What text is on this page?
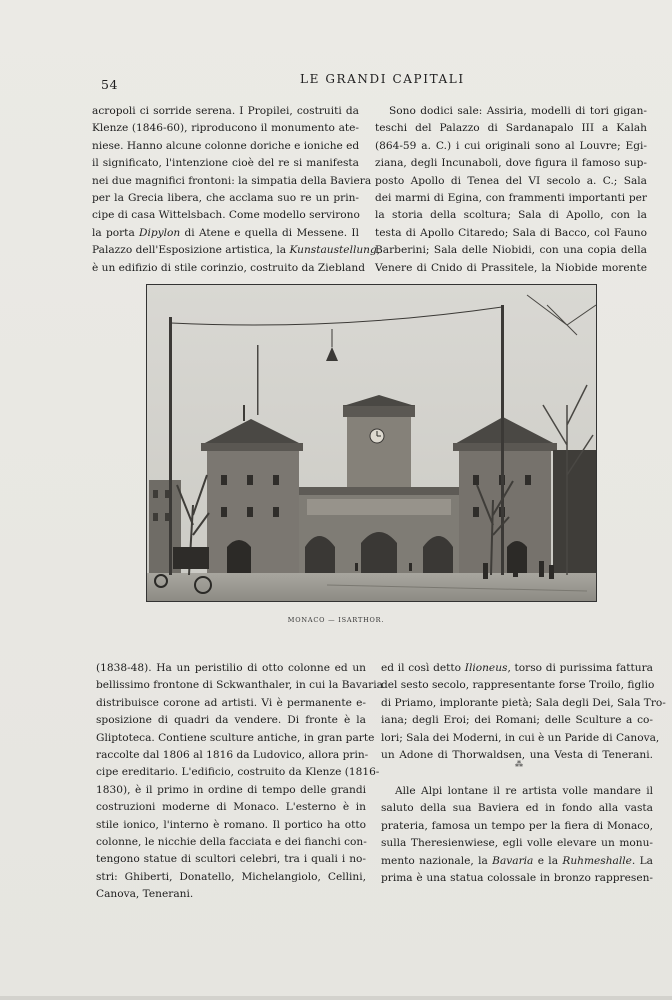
54	LE GRANDI CAPITALI
acropoli ci sorride serena. I Propilei, costruiti da
Klenze (1846-60), riproducono il monumento ate-
niese. Hanno alcune colonne doriche e ioniche ed
il significato, l'intenzione cioè del re si manifesta
nei due magnifici frontoni: la simpatia della Baviera
per la Grecia libera, che acclama suo re un prin-
cipe di casa Wittelsbach. Come modello servirono
la porta Dipylon di Atene e quella di Messene. Il
Palazzo dell'Esposizione artistica, la Kunstaustellung,
è un edifizio di stile corinzio, costruito da Ziebland
Sono dodici sale: Assiria, modelli di tori gigan-
teschi del Palazzo di Sardanapalo III a Kalah
(864-59 a. C.) i cui originali sono al Louvre; Egi-
ziana, degli Incunaboli, dove figura il famoso sup-
posto Apollo di Tenea del VI secolo a. C.; Sala
dei marmi di Egina, con frammenti importanti per
la storia della scoltura; Sala di Apollo, con la
testa di Apollo Citaredo; Sala di Bacco, col Fauno
Barberini; Sala delle Niobidi, con una copia della
Venere di Cnido di Prassitele, la Niobide morente
MONACO — ISARTHOR.
(1838-48). Ha un peristilio di otto colonne ed un
bellissimo frontone di Sckwanthaler, in cui la Bavaria
distribuisce corone ad artisti. Vi è permanente e-
sposizione di quadri da vendere. Di fronte è la
Gliptoteca. Contiene sculture antiche, in gran parte
raccolte dal 1806 al 1816 da Ludovico, allora prin-
cipe ereditario. L'edificio, costruito da Klenze (1816-
1830), è il primo in ordine di tempo delle grandi
costruzioni moderne di Monaco. L'esterno è in
stile ionico, l'interno è romano. Il portico ha otto
colonne, le nicchie della facciata e dei fianchi con-
tengono statue di scultori celebri, tra i quali i no-
stri: Ghiberti, Donatello, Michelangiolo, Cellini,
Canova, Tenerani.
ed il così detto Ilioneus, torso di purissima fattura
del sesto secolo, rappresentante forse Troilo, figlio
di Priamo, implorante pietà; Sala degli Dei, Sala Tro-
iana; degli Eroi; dei Romani; delle Sculture a co-
lori; Sala dei Moderni, in cui è un Paride di Canova,
un Adone di Thorwaldsen, una Vesta di Tenerani.
⁂
Alle Alpi lontane il re artista volle mandare il
saluto della sua Baviera ed in fondo alla vasta
prateria, famosa un tempo per la fiera di Monaco,
sulla Theresienwiese, egli volle elevare un monu-
mento nazionale, la Bavaria e la Ruhmeshalle. La
prima è una statua colossale in bronzo rappresen-
